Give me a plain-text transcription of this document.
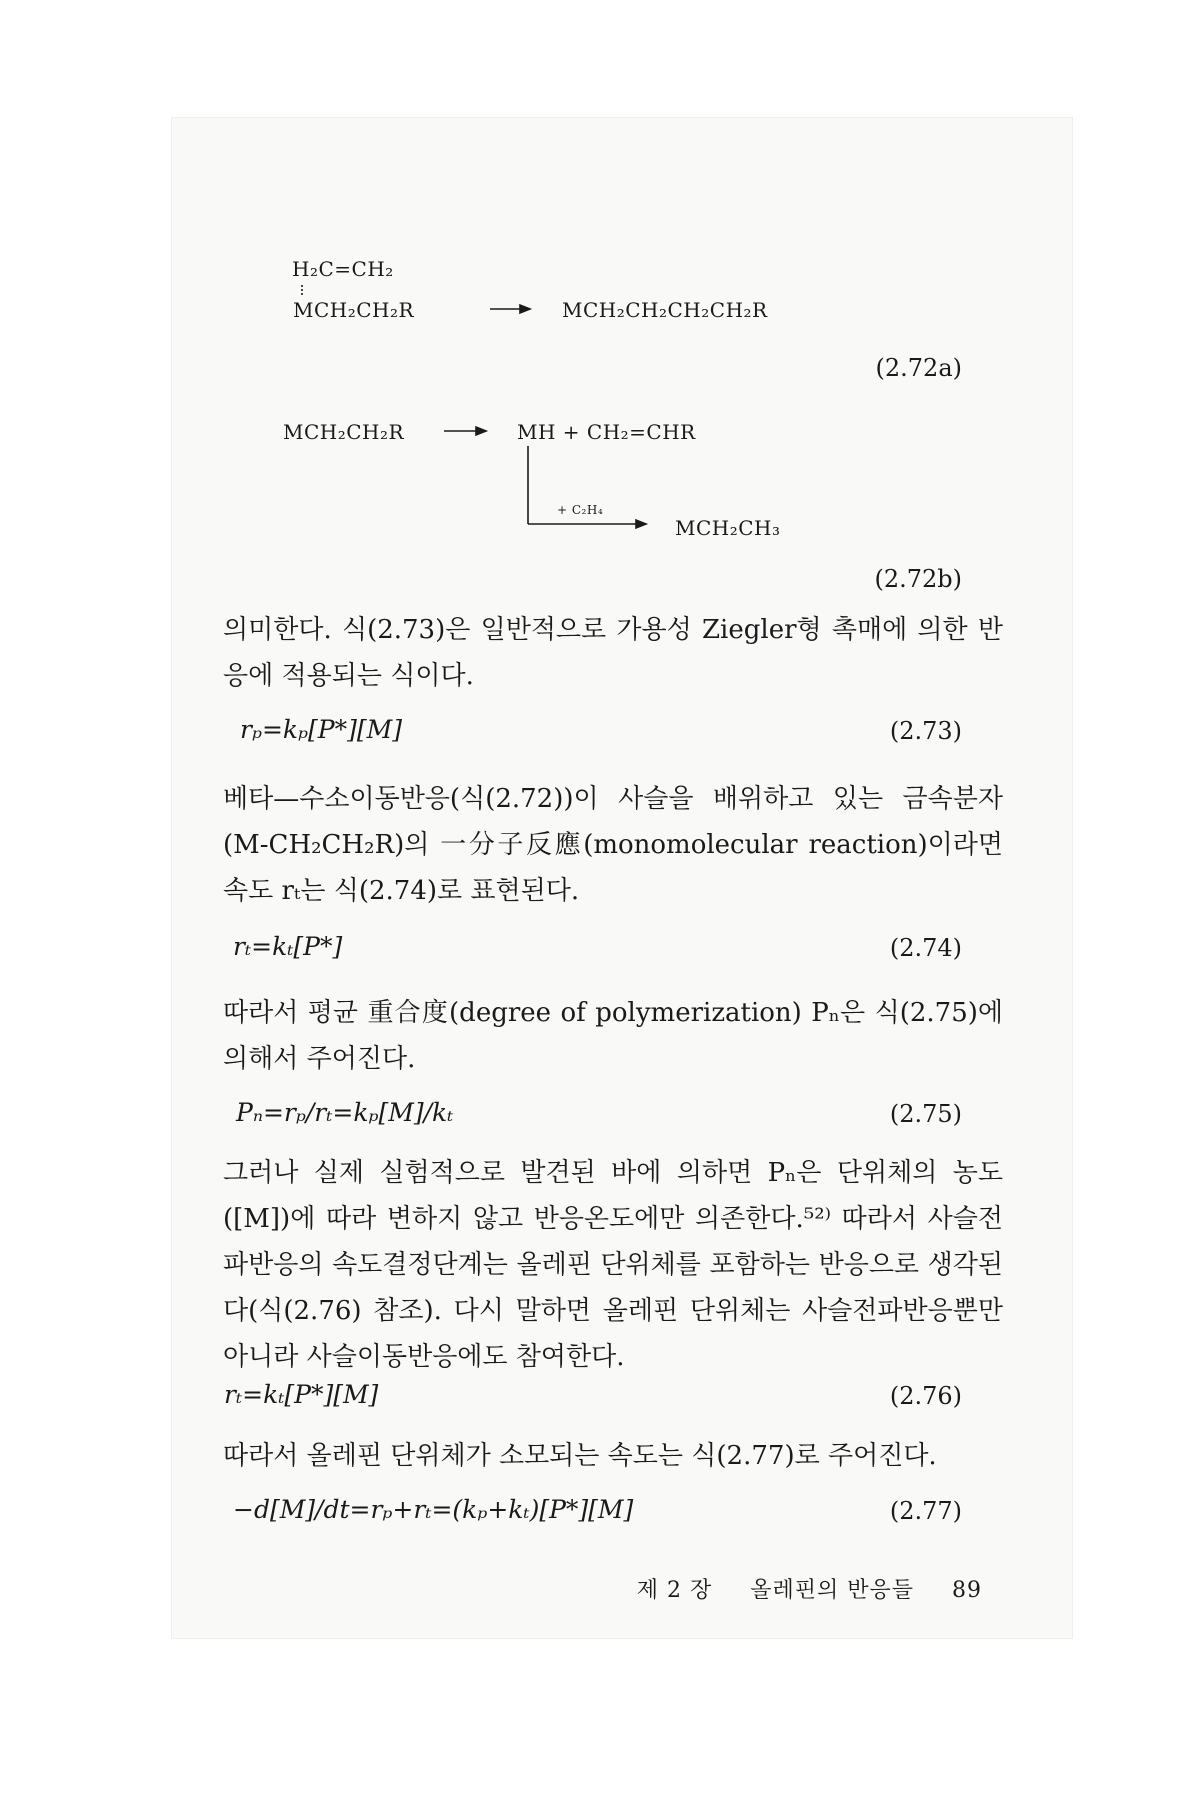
H₂C=CH₂
MCH₂CH₂R	MCH₂CH₂CH₂CH₂R
(2.72a)
MCH₂CH₂R	MH + CH₂=CHR
+ C₂H₄
MCH₂CH₃
(2.72b)
의미한다. 식(2.73)은 일반적으로 가용성 Ziegler형 촉매에 의한 반응에 적용되는 식이다.
rₚ=kₚ[P*][M]	(2.73)
베타—수소이동반응(식(2.72))이 사슬을 배위하고 있는 금속분자(M-CH₂CH₂R)의 一分子反應(monomolecular reaction)이라면 속도 rₜ는 식(2.74)로 표현된다.
rₜ=kₜ[P*]	(2.74)
따라서 평균 重合度(degree of polymerization) Pₙ은 식(2.75)에 의해서 주어진다.
Pₙ=rₚ/rₜ=kₚ[M]/kₜ	(2.75)
그러나 실제 실험적으로 발견된 바에 의하면 Pₙ은 단위체의 농도([M])에 따라 변하지 않고 반응온도에만 의존한다.⁵²⁾ 따라서 사슬전파반응의 속도결정단계는 올레핀 단위체를 포함하는 반응으로 생각된다(식(2.76) 참조). 다시 말하면 올레핀 단위체는 사슬전파반응뿐만 아니라 사슬이동반응에도 참여한다.
rₜ=kₜ[P*][M]	(2.76)
따라서 올레핀 단위체가 소모되는 속도는 식(2.77)로 주어진다.
−d[M]/dt=rₚ+rₜ=(kₚ+kₜ)[P*][M]	(2.77)
제 2 장 올레핀의 반응들 89
